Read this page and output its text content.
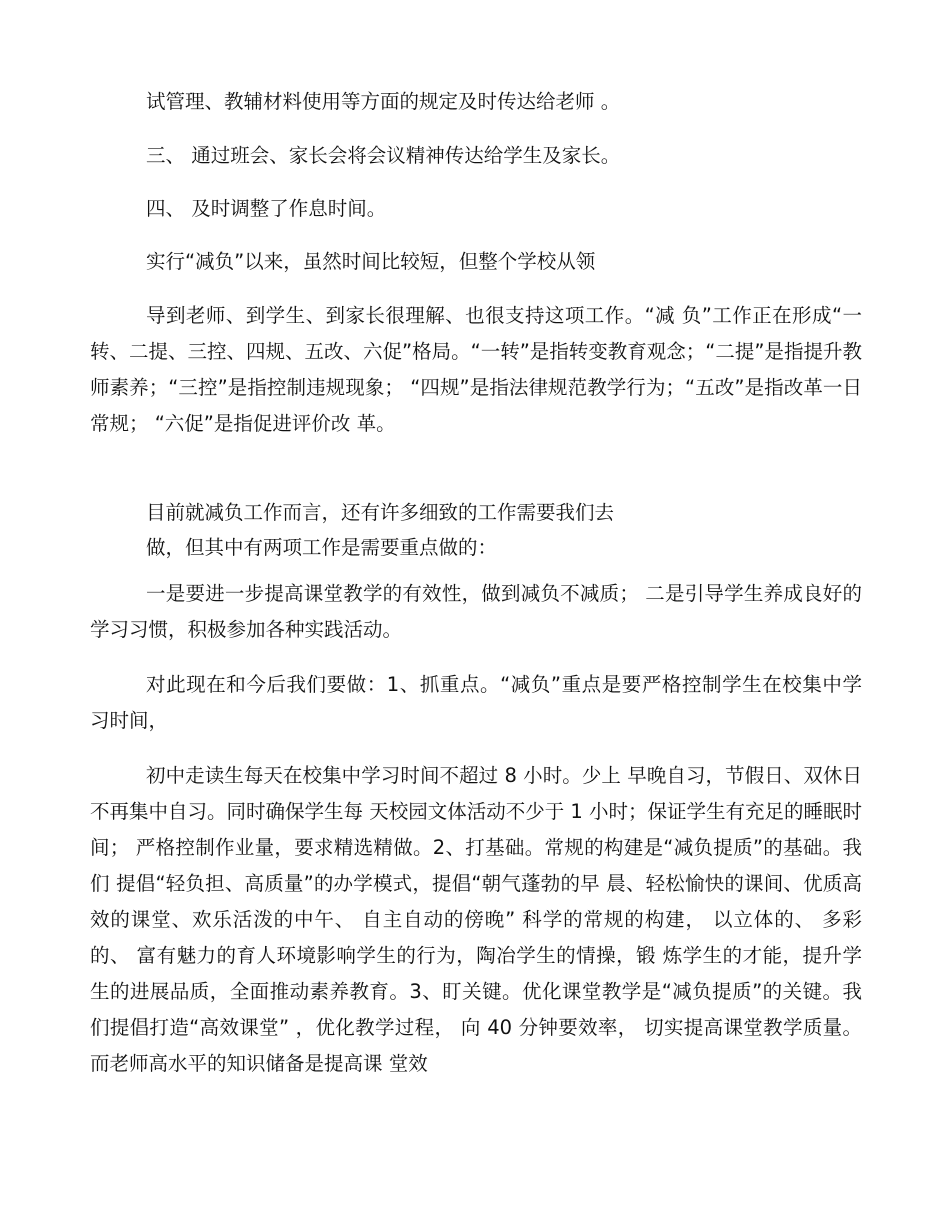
试管理、教辅材料使用等方面的规定及时传达给老师 。

三、 通过班会、家长会将会议精神传达给学生及家长。

四、 及时调整了作息时间。

实行“减负”以来，虽然时间比较短，但整个学校从领

导到老师、到学生、到家长很理解、也很支持这项工作。“减 负”工作正在形成“一转、二提、三控、四规、五改、六促”格局。“一转”是指转变教育观念；“二提”是指提升教 师素养；“三控”是指控制违规现象； “四规”是指法律规范教学行为；“五改”是指改革一日常规； “六促”是指促进评价改 革。

目前就减负工作而言，还有许多细致的工作需要我们去

做，但其中有两项工作是需要重点做的：

一是要进一步提高课堂教学的有效性，做到减负不减质； 二是引导学生养成良好的学习习惯，积极参加各种实践活动。

对此现在和今后我们要做：1、抓重点。“减负”重点是要严格控制学生在校集中学 习时间，

初中走读生每天在校集中学习时间不超过 8 小时。少上 早晚自习，节假日、双休日不再集中自习。同时确保学生每 天校园文体活动不少于 1 小时；保证学生有充足的睡眠时间； 严格控制作业量，要求精选精做。2、打基础。常规的构建是“减负提质”的基础。我们 提倡“轻负担、高质量”的办学模式，提倡“朝气蓬勃的早 晨、轻松愉快的课间、优质高效的课堂、欢乐活泼的中午、 自主自动的傍晚” 科学的常规的构建， 以立体的、 多彩的、 富有魅力的育人环境影响学生的行为，陶冶学生的情操，锻 炼学生的才能，提升学生的进展品质，全面推动素养教育。3、盯关键。优化课堂教学是“减负提质”的关键。我 们提倡打造“高效课堂” ，优化教学过程， 向 40 分钟要效率， 切实提高课堂教学质量。而老师高水平的知识储备是提高课 堂效
